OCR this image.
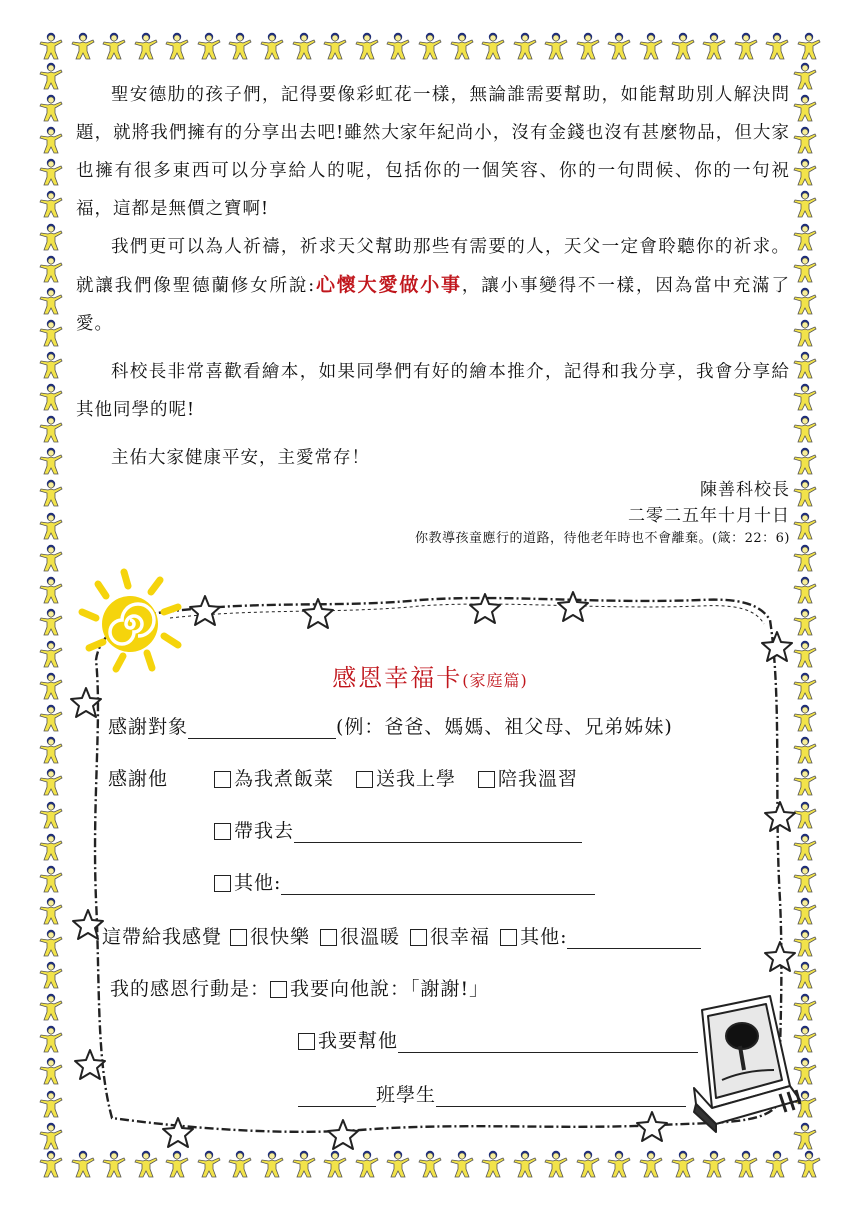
聖安德肋的孩子們，記得要像彩虹花一樣，無論誰需要幫助，如能幫助別人解決問題，就將我們擁有的分享出去吧!雖然大家年紀尚小，沒有金錢也沒有甚麼物品，但大家也擁有很多東西可以分享給人的呢，包括你的一個笑容、你的一句問候、你的一句祝福，這都是無價之寶啊!

我們更可以為人祈禱，祈求天父幫助那些有需要的人，天父一定會聆聽你的祈求。就讓我們像聖德蘭修女所說:心懷大愛做小事，讓小事變得不一樣，因為當中充滿了愛。

科校長非常喜歡看繪本，如果同學們有好的繪本推介，記得和我分享，我會分享給其他同學的呢!

主佑大家健康平安，主愛常存！

陳善科校長

二零二五年十月十日

你教導孩童應行的道路，待他老年時也不會離棄。(箴：22：6)

感恩幸福卡(家庭篇)
感謝對象	(例：爸爸、媽媽、祖父母、兄弟姊妹)
感謝他	為我煮飯菜 送我上學 陪我溫習
帶我去
其他:
這帶給我感覺 很快樂 很溫暖 很幸福 其他:
我的感恩行動是： 我要向他說：「謝謝!」
我要幫他
班學生
